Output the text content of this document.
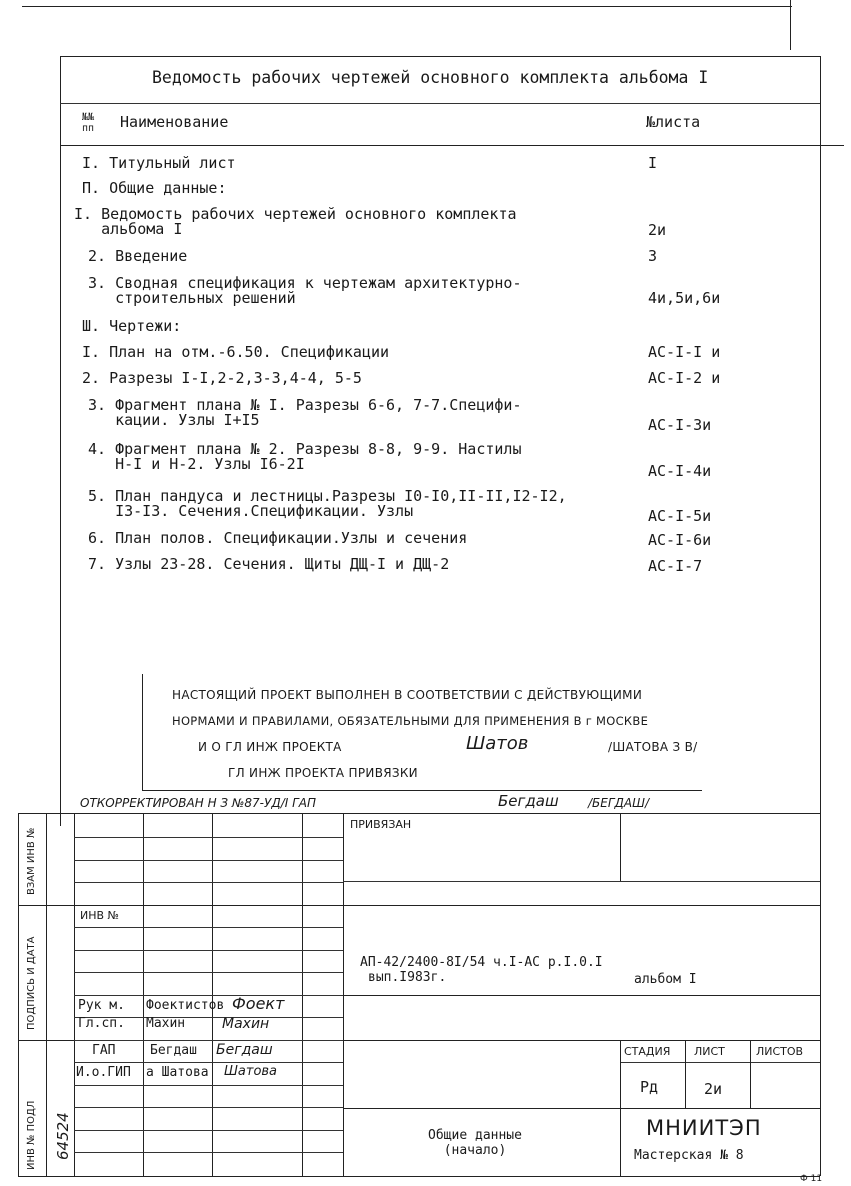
Ведомость рабочих чертежей основного комплекта альбома I
№№ пп	Наименование	№листа
I. Титульный лист	I
П. Общие данные:
I. Ведомость рабочих чертежей основного комплекта
альбома I	2и
2. Введение	3
3. Сводная спецификация к чертежам архитектурно-
строительных решений	4и,5и,6и
Ш. Чертежи:
I. План на отм.-6.50. Спецификации	АС-I-I и
2. Разрезы I-I,2-2,3-3,4-4, 5-5	АС-I-2 и
3. Фрагмент плана № I. Разрезы 6-6, 7-7.Специфи-
кации. Узлы I+I5	АС-I-3и
4. Фрагмент плана № 2. Разрезы 8-8, 9-9. Настилы
Н-I и Н-2. Узлы I6-2I	АС-I-4и
5. План пандуса и лестницы.Разрезы I0-I0,II-II,I2-I2,
I3-I3. Сечения.Спецификации. Узлы	АС-I-5и
6. План полов. Спецификации.Узлы и сечения	АС-I-6и
7. Узлы 23-28. Сечения. Щиты ДЩ-I и ДЩ-2	АС-I-7
НАСТОЯЩИЙ ПРОЕКТ ВЫПОЛНЕН В СООТВЕТСТВИИ С ДЕЙСТВУЮЩИМИ
НОРМАМИ И ПРАВИЛАМИ, ОБЯЗАТЕЛЬНЫМИ ДЛЯ ПРИМЕНЕНИЯ В г МОСКВЕ
И О ГЛ ИНЖ ПРОЕКТА	Шатов	/ШАТОВА З В/
ГЛ ИНЖ ПРОЕКТА ПРИВЯЗКИ
ОТКОРРЕКТИРОВАН Н З №87-УД/I ГАП	Бегдаш /БЕГДАШ/
ПРИВЯЗАН
ИНВ №
АП-42/2400-8I/54 ч.I-АС р.I.0.I
вып.I983г.	альбом I
Рук м. Фоектистов
Гл.сп. Махин
ГАП	Бегдаш
И.о.ГИП а Шатова
Фоект
Махин
Бегдаш
Шатова
СТАДИЯ ЛИСТ	ЛИСТОВ
Рд	2и
Общие данные (начало)
МНИИТЭП
Мастерская № 8
ВЗАМ ИНВ №
ПОДПИСЬ И ДАТА
ИНВ № ПОДЛ 64524
Ф 11
